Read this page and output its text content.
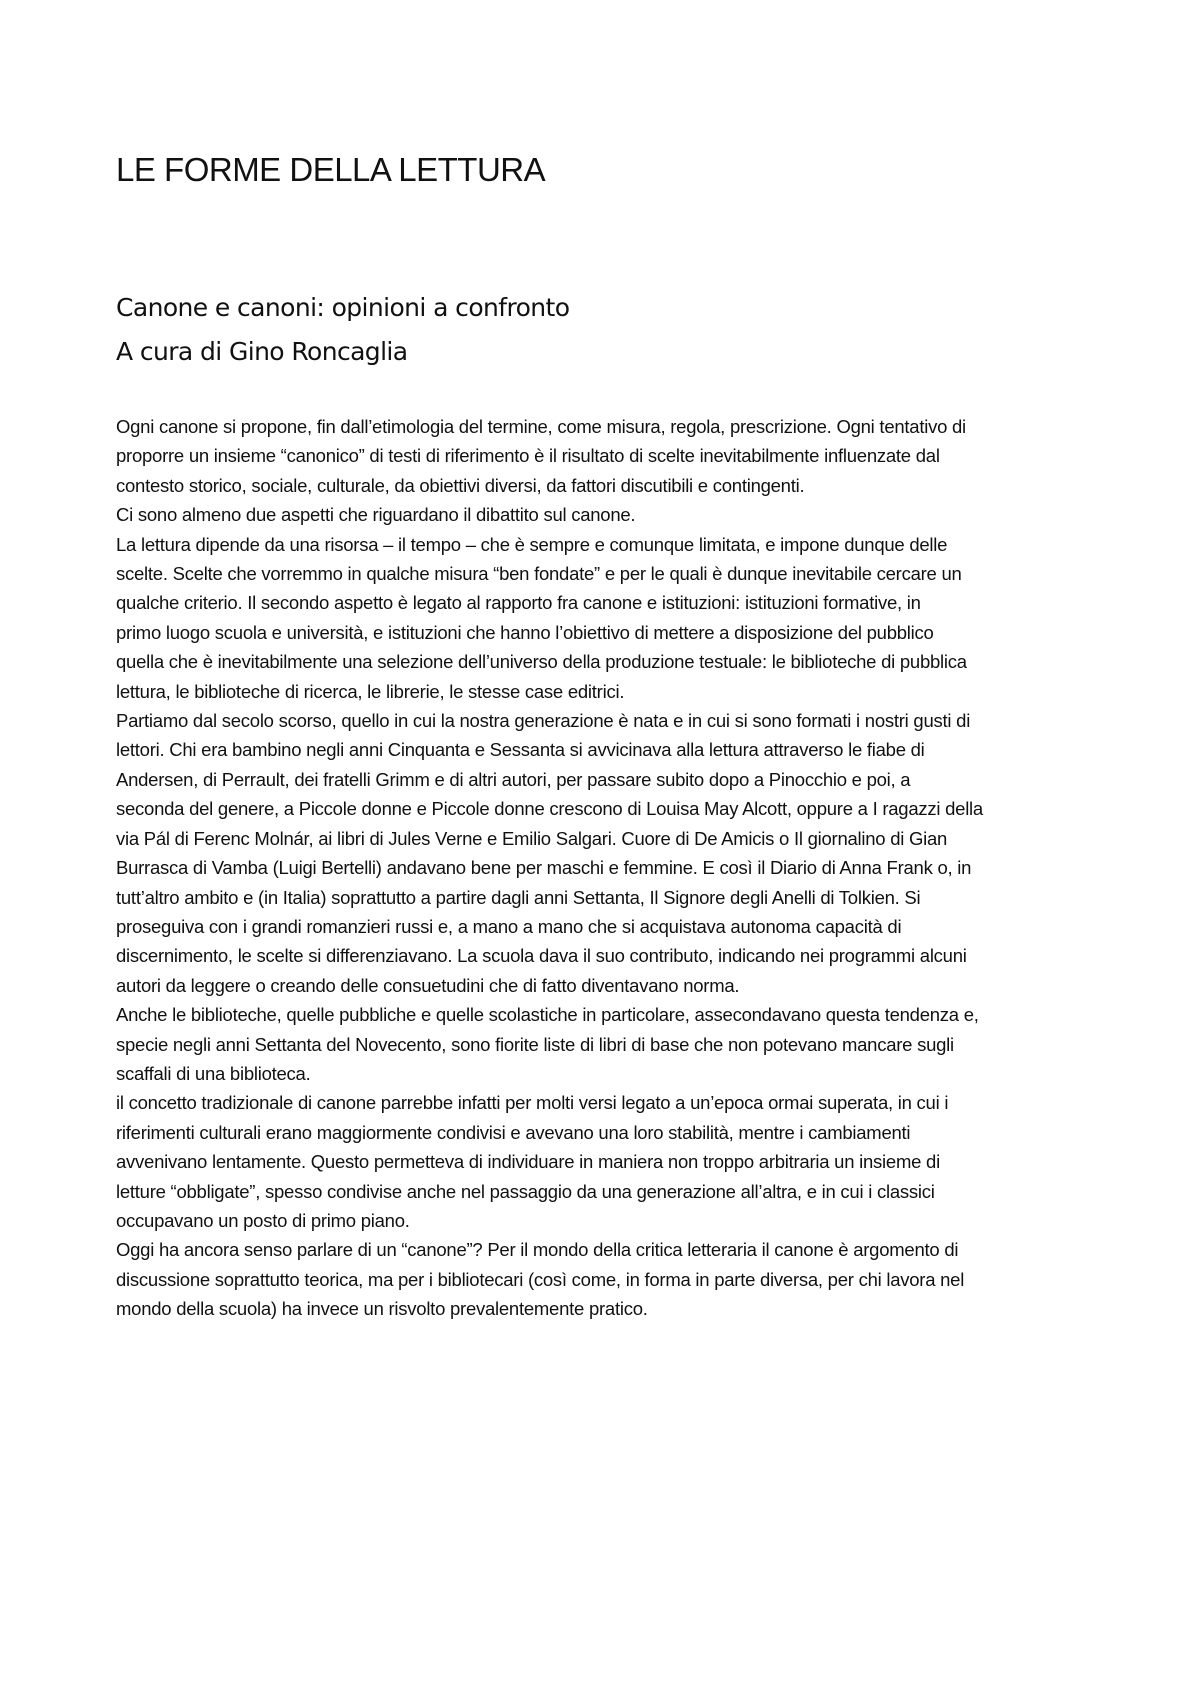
LE FORME DELLA LETTURA
Canone e canoni: opinioni a confronto
A cura di Gino Roncaglia
Ogni canone si propone, fin dall’etimologia del termine, come misura, regola, prescrizione. Ogni tentativo di
proporre un insieme “canonico” di testi di riferimento è il risultato di scelte inevitabilmente influenzate dal
contesto storico, sociale, culturale, da obiettivi diversi, da fattori discutibili e contingenti.
Ci sono almeno due aspetti che riguardano il dibattito sul canone.
La lettura dipende da una risorsa – il tempo – che è sempre e comunque limitata, e impone dunque delle
scelte. Scelte che vorremmo in qualche misura “ben fondate” e per le quali è dunque inevitabile cercare un
qualche criterio. Il secondo aspetto è legato al rapporto fra canone e istituzioni: istituzioni formative, in
primo luogo scuola e università, e istituzioni che hanno l’obiettivo di mettere a disposizione del pubblico
quella che è inevitabilmente una selezione dell’universo della produzione testuale: le biblioteche di pubblica
lettura, le biblioteche di ricerca, le librerie, le stesse case editrici.
Partiamo dal secolo scorso, quello in cui la nostra generazione è nata e in cui si sono formati i nostri gusti di
lettori. Chi era bambino negli anni Cinquanta e Sessanta si avvicinava alla lettura attraverso le fiabe di
Andersen, di Perrault, dei fratelli Grimm e di altri autori, per passare subito dopo a Pinocchio e poi, a
seconda del genere, a Piccole donne e Piccole donne crescono di Louisa May Alcott, oppure a I ragazzi della
via Pál di Ferenc Molnár, ai libri di Jules Verne e Emilio Salgari. Cuore di De Amicis o Il giornalino di Gian
Burrasca di Vamba (Luigi Bertelli) andavano bene per maschi e femmine. E così il Diario di Anna Frank o, in
tutt’altro ambito e (in Italia) soprattutto a partire dagli anni Settanta, Il Signore degli Anelli di Tolkien. Si
proseguiva con i grandi romanzieri russi e, a mano a mano che si acquistava autonoma capacità di
discernimento, le scelte si differenziavano. La scuola dava il suo contributo, indicando nei programmi alcuni
autori da leggere o creando delle consuetudini che di fatto diventavano norma.
Anche le biblioteche, quelle pubbliche e quelle scolastiche in particolare, assecondavano questa tendenza e,
specie negli anni Settanta del Novecento, sono fiorite liste di libri di base che non potevano mancare sugli
scaffali di una biblioteca.
il concetto tradizionale di canone parrebbe infatti per molti versi legato a un’epoca ormai superata, in cui i
riferimenti culturali erano maggiormente condivisi e avevano una loro stabilità, mentre i cambiamenti
avvenivano lentamente. Questo permetteva di individuare in maniera non troppo arbitraria un insieme di
letture “obbligate”, spesso condivise anche nel passaggio da una generazione all’altra, e in cui i classici
occupavano un posto di primo piano.
Oggi ha ancora senso parlare di un “canone”? Per il mondo della critica letteraria il canone è argomento di
discussione soprattutto teorica, ma per i bibliotecari (così come, in forma in parte diversa, per chi lavora nel
mondo della scuola) ha invece un risvolto prevalentemente pratico.
